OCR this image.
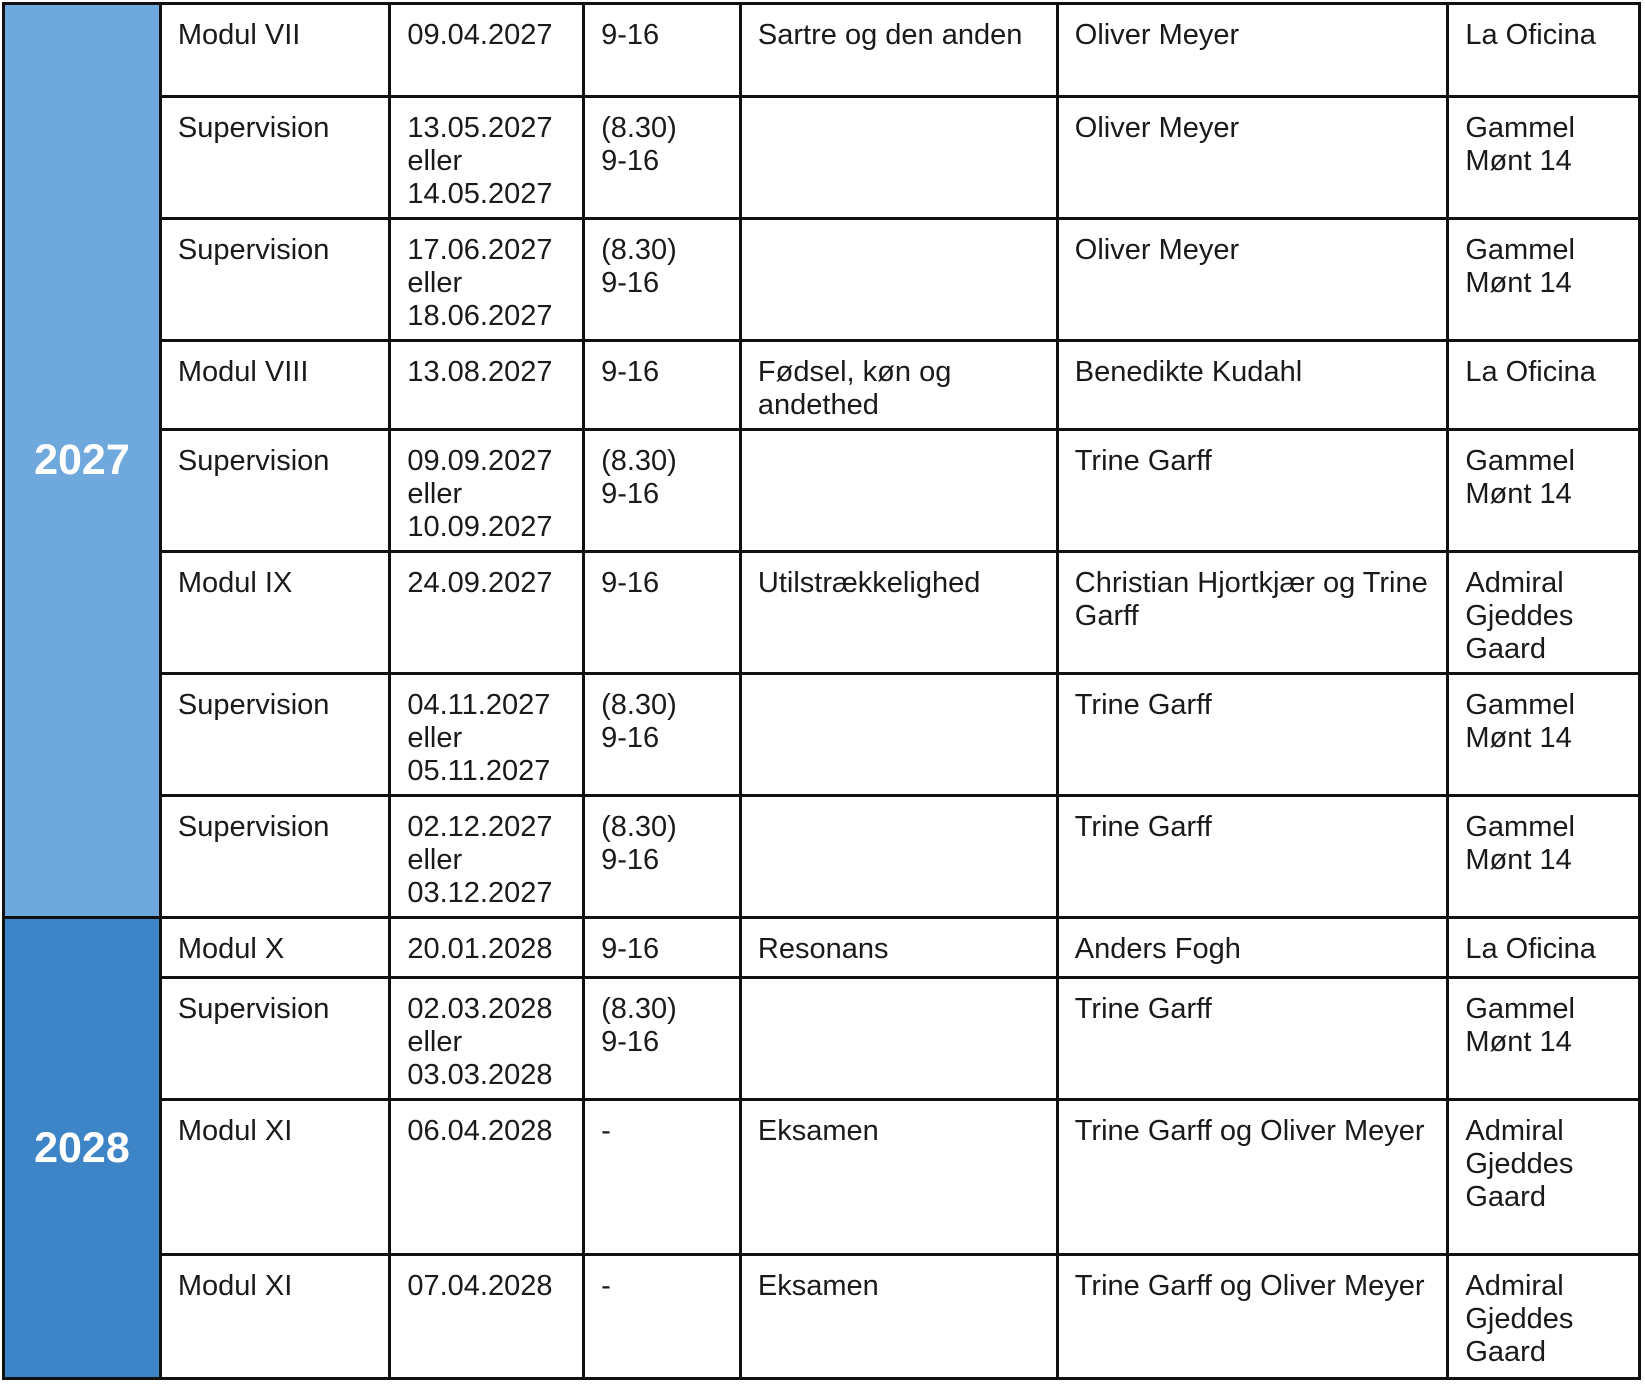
2027	Modul VII	09.04.2027	9-16	Sartre og den anden	Oliver Meyer	La Oficina
	Supervision	13.05.2027
eller
14.05.2027	(8.30)
9-16		Oliver Meyer	Gammel
Mønt 14
	Supervision	17.06.2027
eller
18.06.2027	(8.30)
9-16		Oliver Meyer	Gammel
Mønt 14
	Modul VIII	13.08.2027	9-16	Fødsel, køn og
andethed	Benedikte Kudahl	La Oficina
	Supervision	09.09.2027
eller
10.09.2027	(8.30)
9-16		Trine Garff	Gammel
Mønt 14
	Modul IX	24.09.2027	9-16	Utilstrækkelighed	Christian Hjortkjær og Trine
Garff	Admiral
Gjeddes
Gaard
	Supervision	04.11.2027
eller
05.11.2027	(8.30)
9-16		Trine Garff	Gammel
Mønt 14
	Supervision	02.12.2027
eller
03.12.2027	(8.30)
9-16		Trine Garff	Gammel
Mønt 14
2028	Modul X	20.01.2028	9-16	Resonans	Anders Fogh	La Oficina
	Supervision	02.03.2028
eller
03.03.2028	(8.30)
9-16		Trine Garff	Gammel
Mønt 14
	Modul XI	06.04.2028	-	Eksamen	Trine Garff og Oliver Meyer	Admiral
Gjeddes
Gaard
	Modul XI	07.04.2028	-	Eksamen	Trine Garff og Oliver Meyer	Admiral
Gjeddes
Gaard
